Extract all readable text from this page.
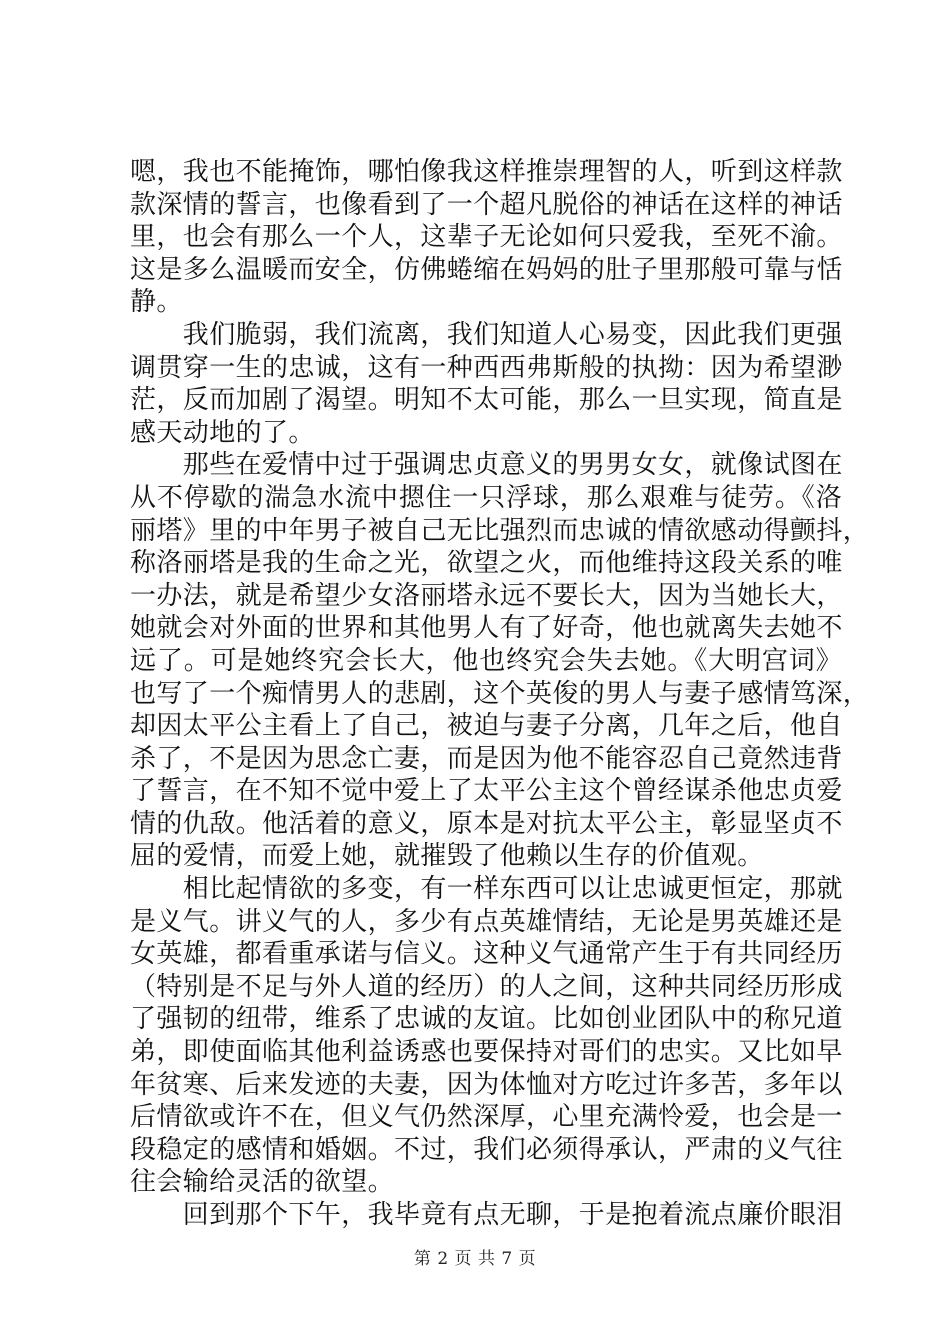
嗯，我也不能掩饰，哪怕像我这样推崇理智的人，听到这样款
款深情的誓言，也像看到了一个超凡脱俗的神话在这样的神话
里，也会有那么一个人，这辈子无论如何只爱我，至死不渝。
这是多么温暖而安全，仿佛蜷缩在妈妈的肚子里那般可靠与恬
静。
　　我们脆弱，我们流离，我们知道人心易变，因此我们更强
调贯穿一生的忠诚，这有一种西西弗斯般的执拗：因为希望渺
茫，反而加剧了渴望。明知不太可能，那么一旦实现，简直是
感天动地的了。
　　那些在爱情中过于强调忠贞意义的男男女女，就像试图在
从不停歇的湍急水流中摁住一只浮球，那么艰难与徒劳。《洛
丽塔》里的中年男子被自己无比强烈而忠诚的情欲感动得颤抖，
称洛丽塔是我的生命之光，欲望之火，而他维持这段关系的唯
一办法，就是希望少女洛丽塔永远不要长大，因为当她长大，
她就会对外面的世界和其他男人有了好奇，他也就离失去她不
远了。可是她终究会长大，他也终究会失去她。《大明宫词》
也写了一个痴情男人的悲剧，这个英俊的男人与妻子感情笃深，
却因太平公主看上了自己，被迫与妻子分离，几年之后，他自
杀了，不是因为思念亡妻，而是因为他不能容忍自己竟然违背
了誓言，在不知不觉中爱上了太平公主这个曾经谋杀他忠贞爱
情的仇敌。他活着的意义，原本是对抗太平公主，彰显坚贞不
屈的爱情，而爱上她，就摧毁了他赖以生存的价值观。
　　相比起情欲的多变，有一样东西可以让忠诚更恒定，那就
是义气。讲义气的人，多少有点英雄情结，无论是男英雄还是
女英雄，都看重承诺与信义。这种义气通常产生于有共同经历
（特别是不足与外人道的经历）的人之间，这种共同经历形成
了强韧的纽带，维系了忠诚的友谊。比如创业团队中的称兄道
弟，即使面临其他利益诱惑也要保持对哥们的忠实。又比如早
年贫寒、后来发迹的夫妻，因为体恤对方吃过许多苦，多年以
后情欲或许不在，但义气仍然深厚，心里充满怜爱，也会是一
段稳定的感情和婚姻。不过，我们必须得承认，严肃的义气往
往会输给灵活的欲望。
　　回到那个下午，我毕竟有点无聊，于是抱着流点廉价眼泪
第 2 页 共 7 页
